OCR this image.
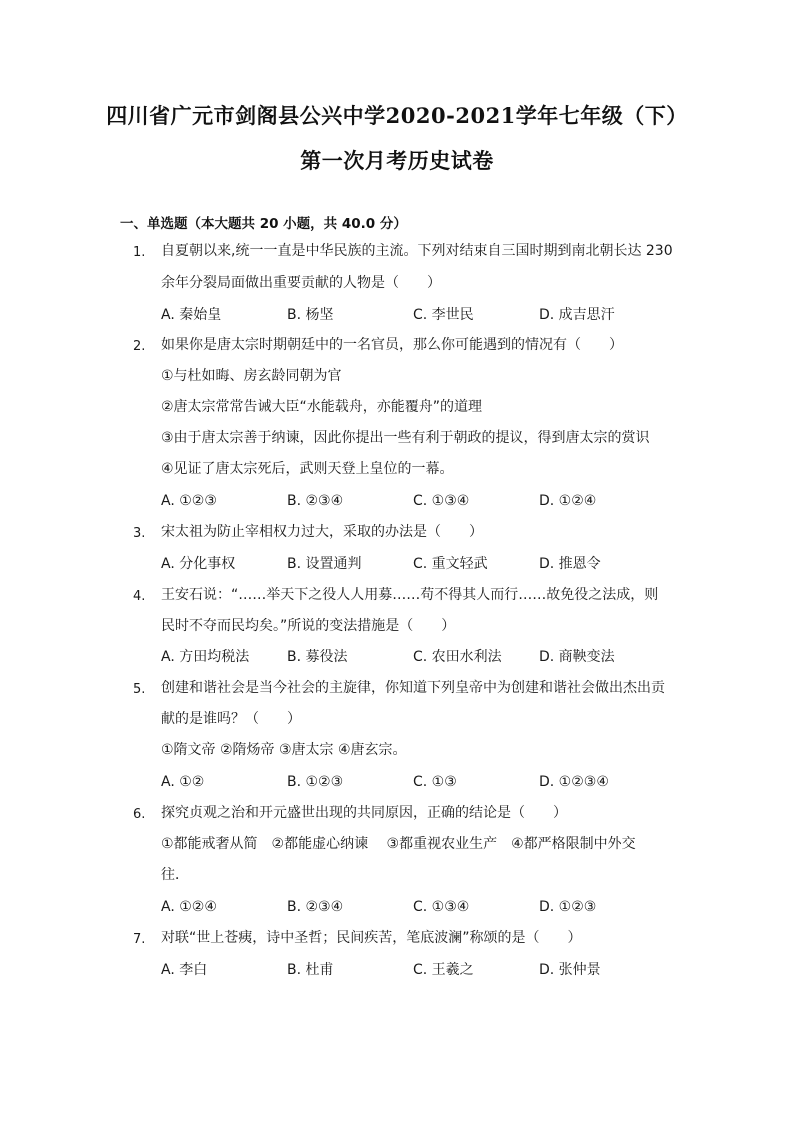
四川省广元市剑阁县公兴中学2020-2021学年七年级（下）
第一次月考历史试卷
一、单选题（本大题共 20 小题，共 40.0 分）
1. 自夏朝以来,统一一直是中华民族的主流。下列对结束自三国时期到南北朝长达 230
余年分裂局面做出重要贡献的人物是（　　）
A. 秦始皇	B. 杨坚	C. 李世民	D. 成吉思汗
2. 如果你是唐太宗时期朝廷中的一名官员，那么你可能遇到的情况有（　　）
①与杜如晦、房玄龄同朝为官
②唐太宗常常告诫大臣“水能载舟，亦能覆舟”的道理
③由于唐太宗善于纳谏，因此你提出一些有利于朝政的提议，得到唐太宗的赏识
④见证了唐太宗死后，武则天登上皇位的一幕。
A. ①②③	B. ②③④	C. ①③④	D. ①②④
3. 宋太祖为防止宰相权力过大，采取的办法是（　　）
A. 分化事权	B. 设置通判	C. 重文轻武	D. 推恩令
4. 王安石说：“……举天下之役人人用募……苟不得其人而行……故免役之法成，则
民时不夺而民均矣。”所说的变法措施是（　　）
A. 方田均税法	B. 募役法	C. 农田水利法	D. 商鞅变法
5. 创建和谐社会是当今社会的主旋律，你知道下列皇帝中为创建和谐社会做出杰出贡
献的是谁吗？（　　）
①隋文帝 ②隋炀帝 ③唐太宗 ④唐玄宗。
A. ①②	B. ①②③	C. ①③	D. ①②③④
6. 探究贞观之治和开元盛世出现的共同原因，正确的结论是（　　）
①都能戒奢从简　②都能虚心纳谏　 ③都重视农业生产　④都严格限制中外交
往．
A. ①②④	B. ②③④	C. ①③④	D. ①②③
7. 对联“世上苍痍，诗中圣哲；民间疾苦，笔底波澜”称颂的是（　　）
A. 李白	B. 杜甫	C. 王羲之	D. 张仲景
